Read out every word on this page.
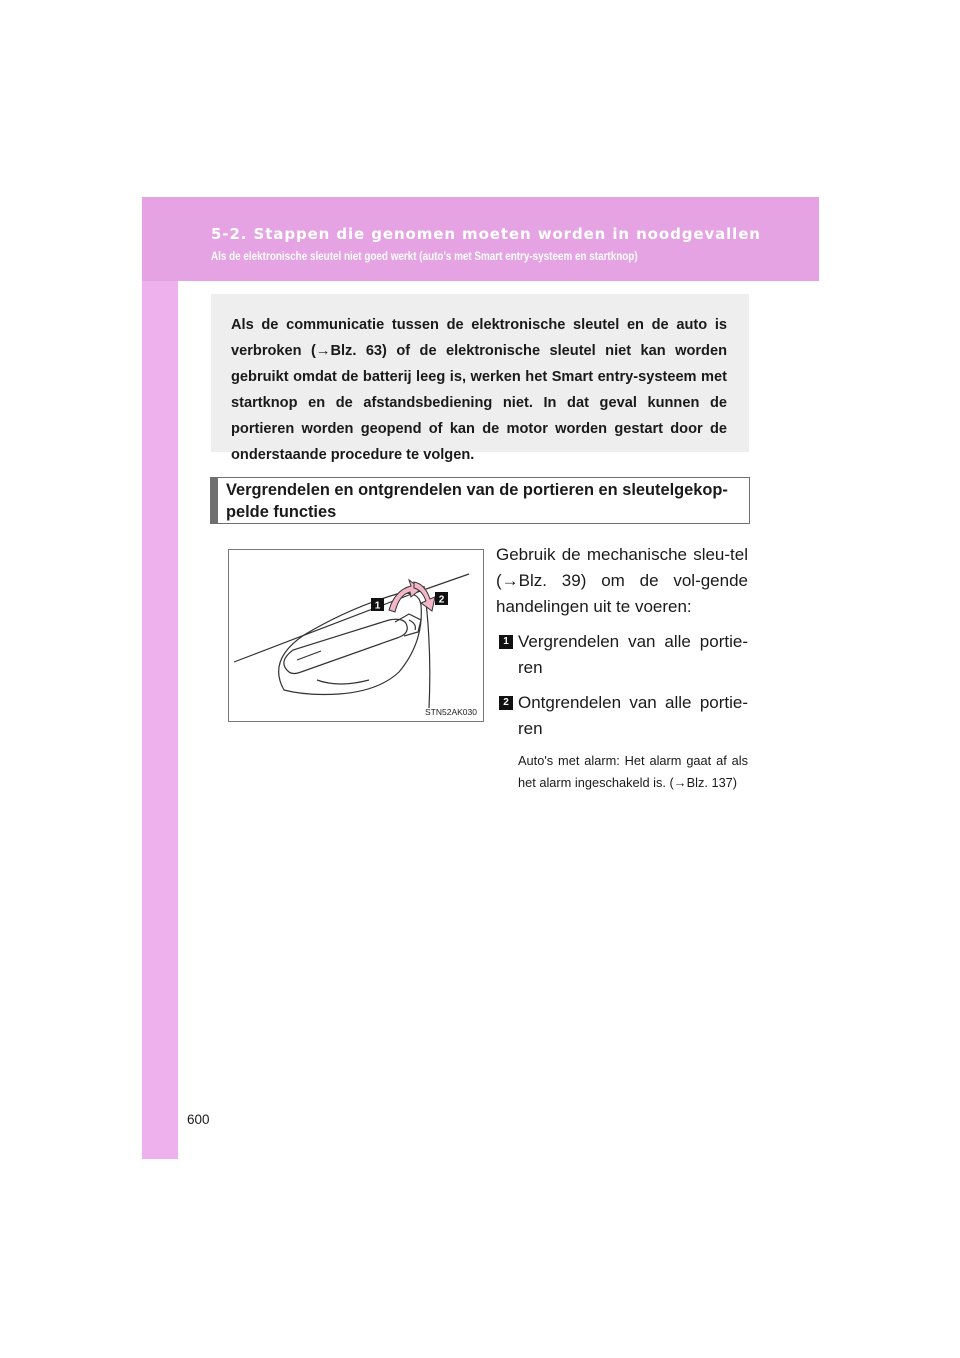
5-2. Stappen die genomen moeten worden in noodgevallen
Als de elektronische sleutel niet goed werkt (auto's met Smart entry-systeem en startknop)
Als de communicatie tussen de elektronische sleutel en de auto is verbroken (→Blz. 63) of de elektronische sleutel niet kan worden gebruikt omdat de batterij leeg is, werken het Smart entry-systeem met startknop en de afstandsbediening niet. In dat geval kunnen de portieren worden geopend of kan de motor worden gestart door de onderstaande procedure te volgen.
Vergrendelen en ontgrendelen van de portieren en sleutelgekop-pelde functies
1
2
STN52AK030

Gebruik de mechanische sleu-tel (→Blz. 39) om de vol-gende handelingen uit te voeren:

1 Vergrendelen van alle portie-ren
2 Ontgrendelen van alle portie-ren

Auto's met alarm: Het alarm gaat af als het alarm ingeschakeld is. (→Blz. 137)

600
